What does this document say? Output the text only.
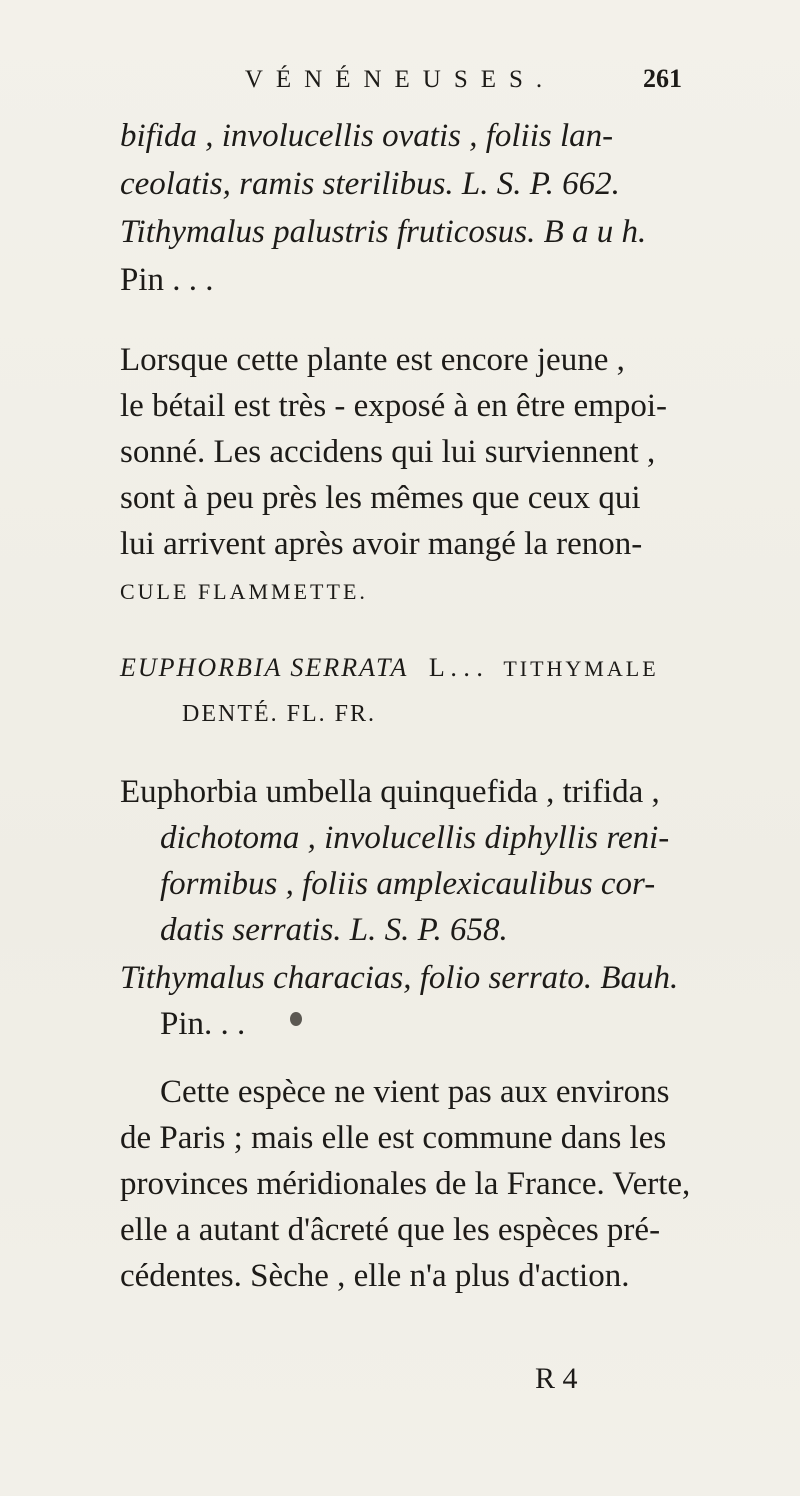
VÉNÉNEUSES.	261
bifida , involucellis ovatis , foliis lan-
ceolatis, ramis sterilibus. L. S. P. 662.
Tithymalus palustris fruticosus. B a u h.
Pin . . .
Lorsque cette plante est encore jeune ,
le bétail est très - exposé à en être empoi-
sonné. Les accidens qui lui surviennent ,
sont à peu près les mêmes que ceux qui
lui arrivent après avoir mangé la renon-
CULE FLAMMETTE.
EUPHORBIA SERRATA L . . . TITHYMALE
DENTÉ. FL. FR.
Euphorbia umbella quinquefida , trifida ,
dichotoma , involucellis diphyllis reni-
formibus , foliis amplexicaulibus cor-
datis serratis. L. S. P. 658.
Tithymalus characias, folio serrato. Bauh.
Pin. . .
Cette espèce ne vient pas aux environs
de Paris ; mais elle est commune dans les
provinces méridionales de la France. Verte,
elle a autant d'âcreté que les espèces pré-
cédentes. Sèche , elle n'a plus d'action.
R 4
